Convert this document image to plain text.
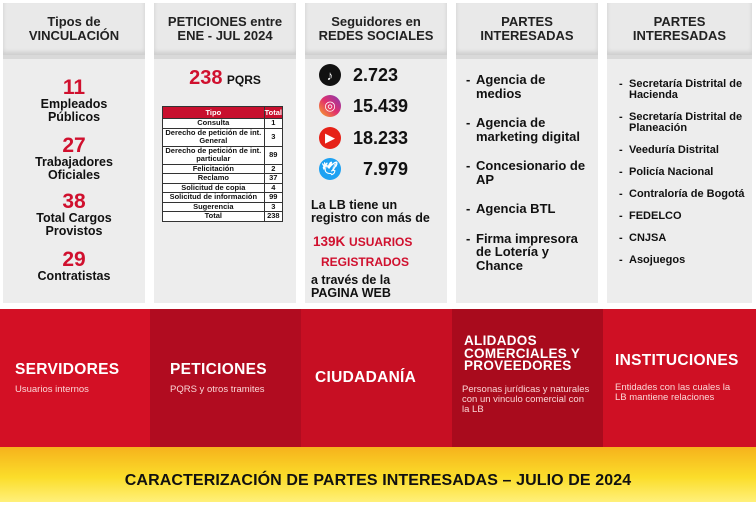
Tipos de VINCULACIÓN
11
Empleados Públicos
27
Trabajadores Oficiales
38
Total Cargos Provistos
29
Contratistas
PETICIONES entre ENE - JUL 2024
238 PQRS
Tipo	Total
Consulta	1
Derecho de petición de int. General	3
Derecho de petición de int. particular	89
Felicitación	2
Reclamo	37
Solicitud de copia	4
Solicitud de información	99
Sugerencia	3
Total	238
Seguidores en REDES SOCIALES
♪	2.723
◎ 15.439
▶	18.233
🕊 7.979
La LB tiene un registro con más de
139K USUARIOS
REGISTRADOS
a través de la PAGINA WEB
PARTES INTERESADAS
- Agencia de medios
- Agencia de marketing digital
- Concesionario de AP
- Agencia BTL
- Firma impresora de Lotería y Chance
PARTES INTERESADAS
- Secretaría Distrital de Hacienda
- Secretaría Distrital de Planeación
- Veeduría Distrital
- Policía Nacional
- Contraloría de Bogotá
- FEDELCO
- CNJSA
- Asojuegos
SERVIDORES
Usuarios internos
PETICIONES
PQRS y otros tramites
CIUDADANÍA
ALIDADOS COMERCIALES Y PROVEEDORES
Personas jurídicas y naturales con un vinculo comercial con la LB
INSTITUCIONES
Entidades con las cuales la LB mantiene relaciones
CARACTERIZACIÓN DE PARTES INTERESADAS – JULIO DE 2024
